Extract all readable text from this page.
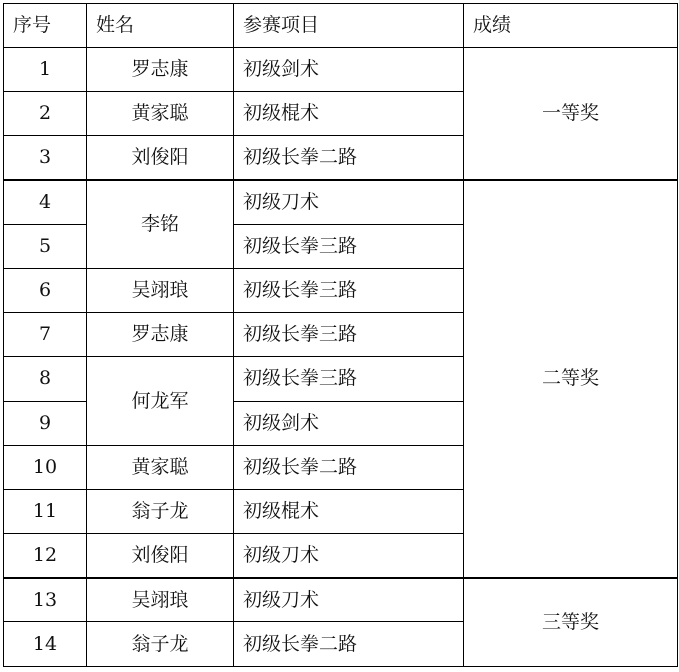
序号	姓名	参赛项目	成绩
1	罗志康	初级剑术	一等奖
2	黄家聪	初级棍术	
3	刘俊阳	初级长拳二路	
4	李铭	初级刀术	二等奖
5		初级长拳三路	
6	吴翊琅	初级长拳三路	
7	罗志康	初级长拳三路	
8	何龙军	初级长拳三路	
9		初级剑术	
10	黄家聪	初级长拳二路	
11	翁子龙	初级棍术	
12	刘俊阳	初级刀术	
13	吴翊琅	初级刀术	三等奖
14	翁子龙	初级长拳二路	
